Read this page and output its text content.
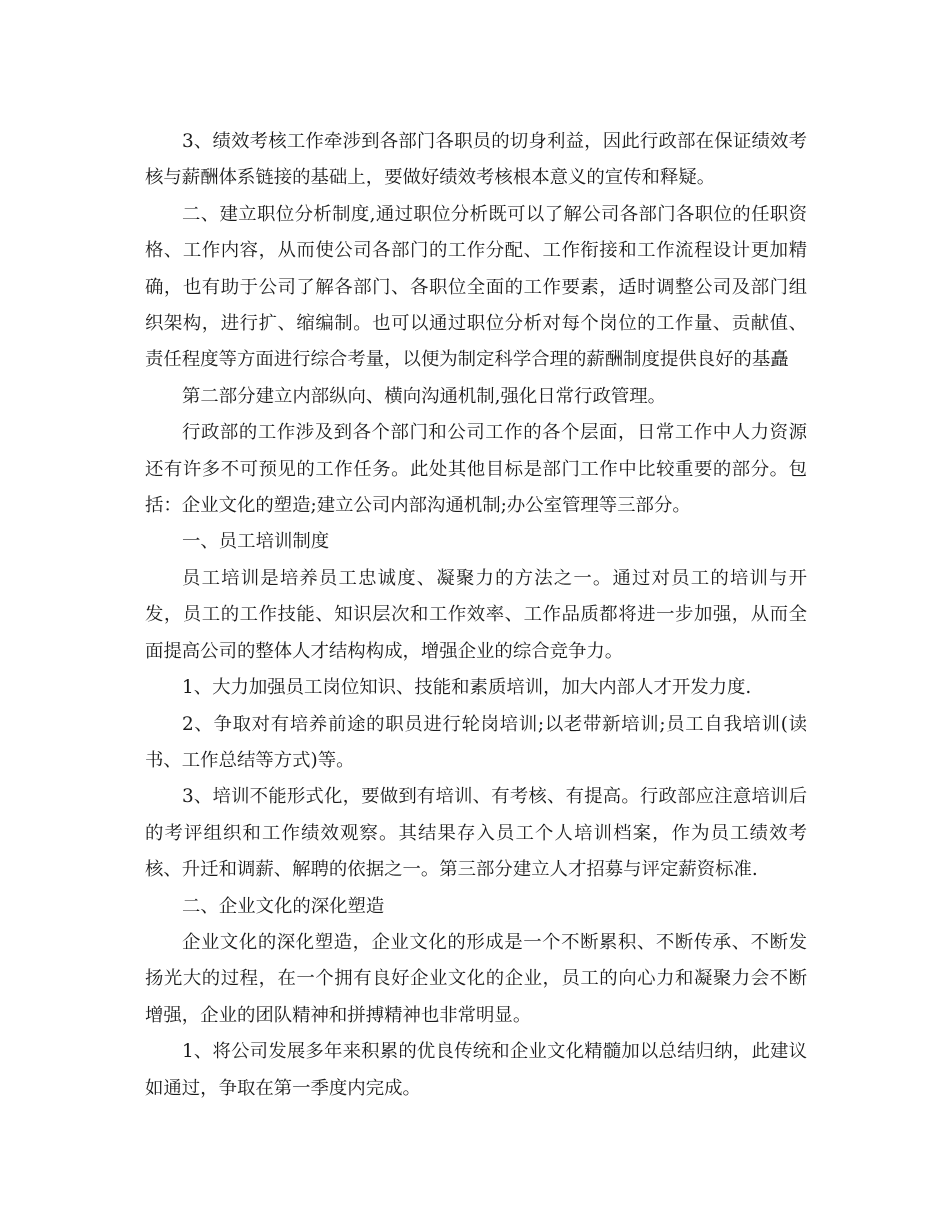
3、绩效考核工作牵涉到各部门各职员的切身利益，因此行政部在保证绩效考核与薪酬体系链接的基础上，要做好绩效考核根本意义的宣传和释疑。

二、建立职位分析制度,通过职位分析既可以了解公司各部门各职位的任职资格、工作内容，从而使公司各部门的工作分配、工作衔接和工作流程设计更加精确，也有助于公司了解各部门、各职位全面的工作要素，适时调整公司及部门组织架构，进行扩、缩编制。也可以通过职位分析对每个岗位的工作量、贡献值、责任程度等方面进行综合考量，以便为制定科学合理的薪酬制度提供良好的基矗

第二部分建立内部纵向、横向沟通机制,强化日常行政管理。

行政部的工作涉及到各个部门和公司工作的各个层面，日常工作中人力资源还有许多不可预见的工作任务。此处其他目标是部门工作中比较重要的部分。包括：企业文化的塑造;建立公司内部沟通机制;办公室管理等三部分。

一、员工培训制度

员工培训是培养员工忠诚度、凝聚力的方法之一。通过对员工的培训与开发，员工的工作技能、知识层次和工作效率、工作品质都将进一步加强，从而全面提高公司的整体人才结构构成，增强企业的综合竞争力。

1、大力加强员工岗位知识、技能和素质培训，加大内部人才开发力度.

2、争取对有培养前途的职员进行轮岗培训;以老带新培训;员工自我培训(读书、工作总结等方式)等。

3、培训不能形式化，要做到有培训、有考核、有提高。行政部应注意培训后的考评组织和工作绩效观察。其结果存入员工个人培训档案，作为员工绩效考核、升迁和调薪、解聘的依据之一。第三部分建立人才招募与评定薪资标准.

二、企业文化的深化塑造

企业文化的深化塑造，企业文化的形成是一个不断累积、不断传承、不断发扬光大的过程，在一个拥有良好企业文化的企业，员工的向心力和凝聚力会不断增强，企业的团队精神和拼搏精神也非常明显。

1、将公司发展多年来积累的优良传统和企业文化精髓加以总结归纳，此建议如通过，争取在第一季度内完成。
